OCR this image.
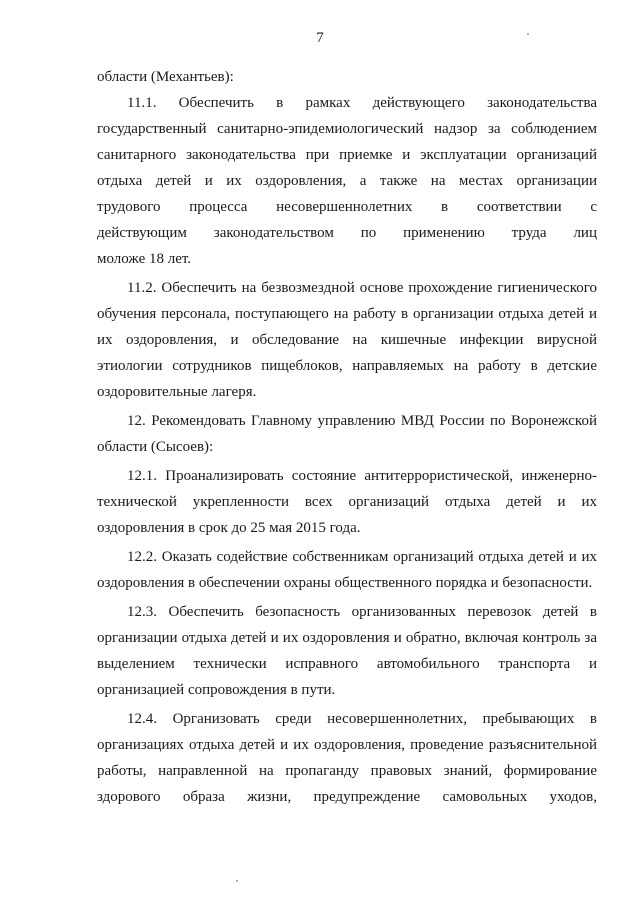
7
области (Механтьев):
11.1. Обеспечить в рамках действующего законодательства
государственный санитарно-эпидемиологический надзор за соблюдением
санитарного законодательства при приемке и эксплуатации организаций
отдыха детей и их оздоровления, а также на местах организации
трудового процесса несовершеннолетних в соответствии с
действующим законодательством по применению труда лиц
моложе 18 лет.
11.2. Обеспечить на безвозмездной основе прохождение гигиенического
обучения персонала, поступающего на работу в организации отдыха детей и
их оздоровления, и обследование на кишечные инфекции вирусной
этиологии сотрудников пищеблоков, направляемых на работу в детские
оздоровительные лагеря.
12. Рекомендовать Главному управлению МВД России по Воронежской
области (Сысоев):
12.1. Проанализировать состояние антитеррористической, инженерно-
технической укрепленности всех организаций отдыха детей и их
оздоровления в срок до 25 мая 2015 года.
12.2. Оказать содействие собственникам организаций отдыха детей и их
оздоровления в обеспечении охраны общественного порядка и безопасности.
12.3. Обеспечить безопасность организованных перевозок детей в
организации отдыха детей и их оздоровления и обратно, включая контроль за
выделением технически исправного автомобильного транспорта и
организацией сопровождения в пути.
12.4. Организовать среди несовершеннолетних, пребывающих в
организациях отдыха детей и их оздоровления, проведение разъяснительной
работы, направленной на пропаганду правовых знаний, формирование
здорового образа жизни, предупреждение самовольных уходов,
